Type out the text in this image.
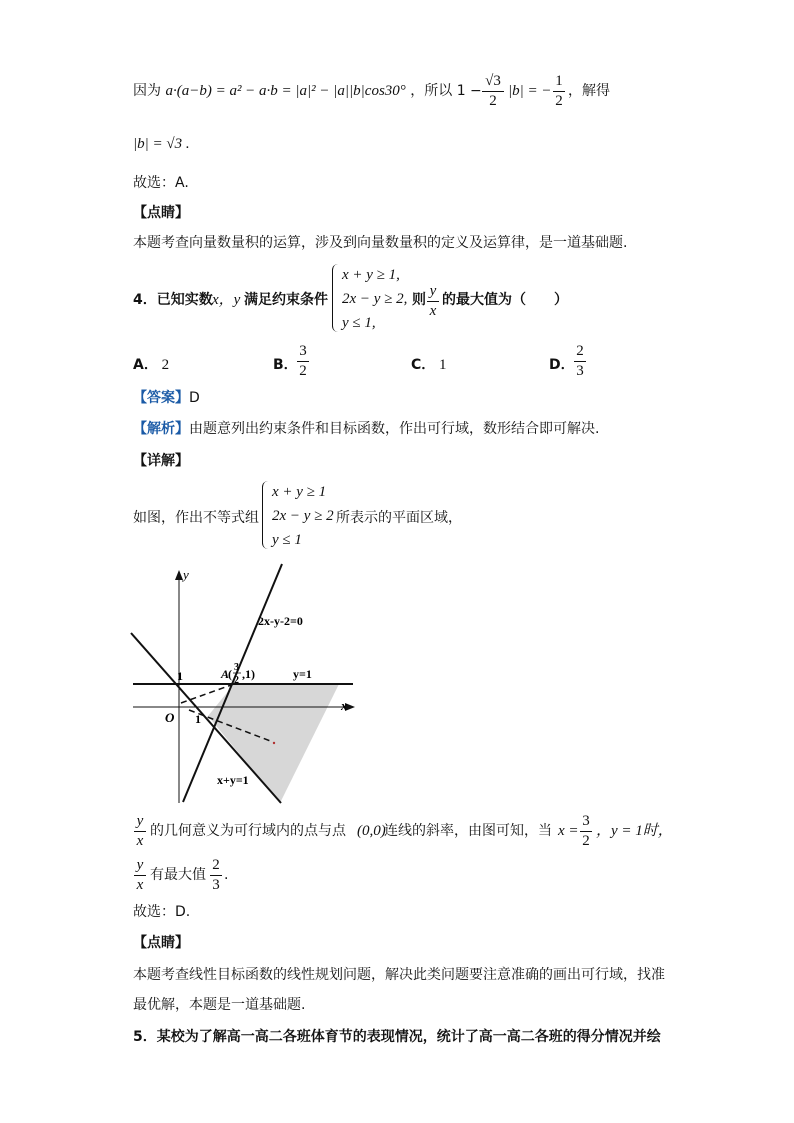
因为 a·(a−b) = a² − a·b = |a|² − |a||b|cos30° ，所以 1 −
√3
2
|b| = −
1
2
，解得
|b| = √3 .
故选：A.
【点睛】
本题考查向量数量积的运算，涉及到向量数量积的定义及运算律，是一道基础题.
4．已知实数 x，y 满足约束条件
x + y ≥ 1,
2x − y ≥ 2,
y ≤ 1,
则
y
x
的最大值为（　　）
A． 2	B．
3
2	C． 1	D．
2
3
【答案】D
【解析】由题意列出约束条件和目标函数，作出可行域，数形结合即可解决.
【详解】
如图，作出不等式组
x + y ≥ 1
2x − y ≥ 2
y ≤ 1
所表示的平面区域，
y
x
O
1
1
2x-y-2=0
y=1
x+y=1
A
( 3
2 ,1)
y
x
的几何意义为可行域内的点与点 (0,0)
连线的斜率，由图可知，当 x =
3
2
，y = 1时，
y
x
有最大值
2
3
.
故选：D.
【点睛】
本题考查线性目标函数的线性规划问题，解决此类问题要注意准确的画出可行域，找准
最优解，本题是一道基础题.
5．某校为了解高一高二各班体育节的表现情况，统计了高一高二各班的得分情况并绘
